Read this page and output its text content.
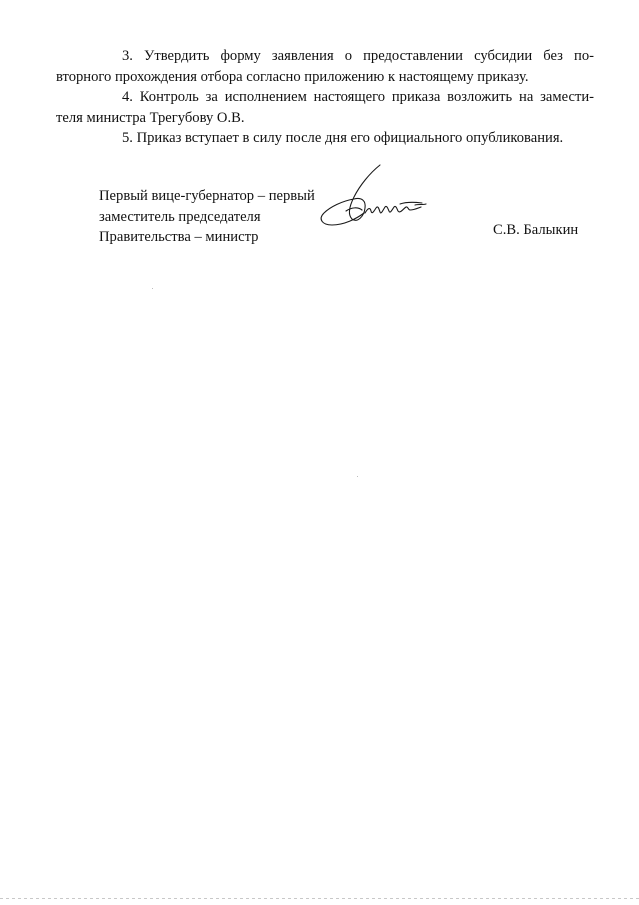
3. Утвердить форму заявления о предоставлении субсидии без по-
вторного прохождения отбора согласно приложению к настоящему приказу.

4. Контроль за исполнением настоящего приказа возложить на замести-
теля министра Трегубову О.В.

5. Приказ вступает в силу после дня его официального опубликования.

Первый вице-губернатор – первый
заместитель председателя
Правительства – министр	С.В. Балыкин
